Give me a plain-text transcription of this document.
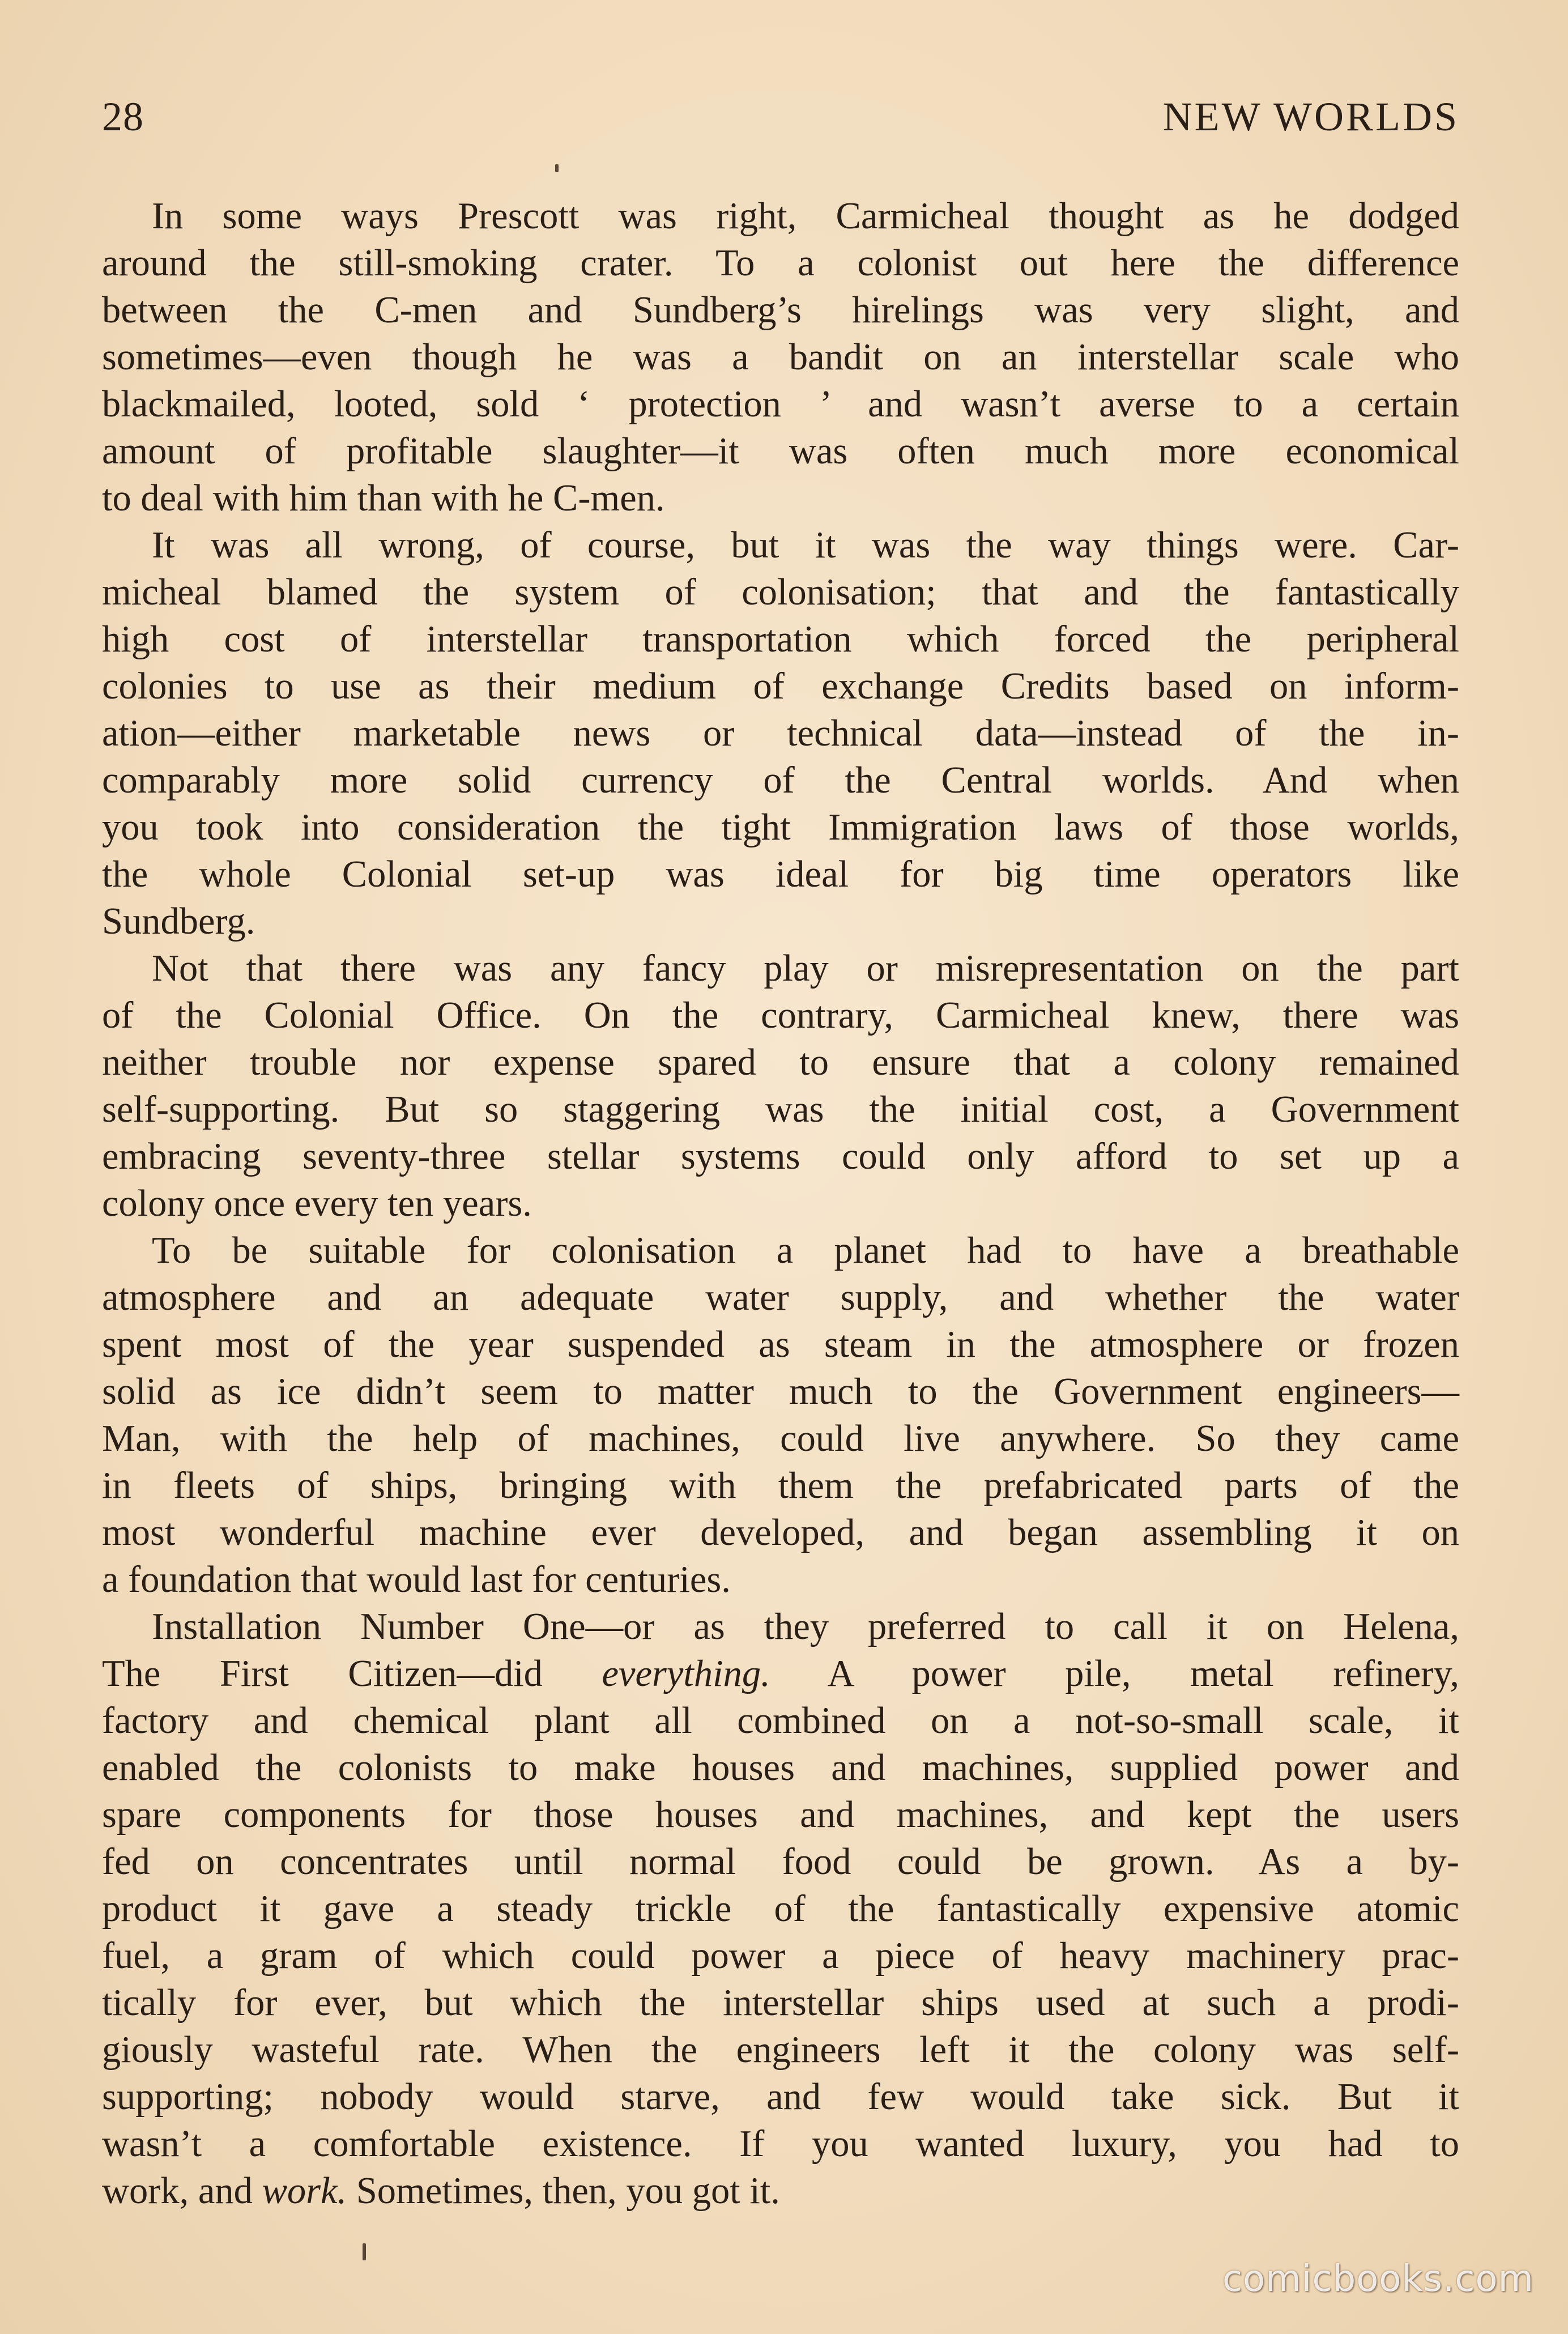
28	NEW WORLDS
In some ways Prescott was right, Carmicheal thought as he dodged
around the still-smoking crater. To a colonist out here the difference
between the C-men and Sundberg’s hirelings was very slight, and
sometimes—even though he was a bandit on an interstellar scale who
blackmailed, looted, sold ‘ protection ’ and wasn’t averse to a certain
amount of profitable slaughter—it was often much more economical
to deal with him than with he C-men.
It was all wrong, of course, but it was the way things were. Car-
micheal blamed the system of colonisation; that and the fantastically
high cost of interstellar transportation which forced the peripheral
colonies to use as their medium of exchange Credits based on inform-
ation—either marketable news or technical data—instead of the in-
comparably more solid currency of the Central worlds. And when
you took into consideration the tight Immigration laws of those worlds,
the whole Colonial set-up was ideal for big time operators like
Sundberg.
Not that there was any fancy play or misrepresentation on the part
of the Colonial Office. On the contrary, Carmicheal knew, there was
neither trouble nor expense spared to ensure that a colony remained
self-supporting. But so staggering was the initial cost, a Government
embracing seventy-three stellar systems could only afford to set up a
colony once every ten years.
To be suitable for colonisation a planet had to have a breathable
atmosphere and an adequate water supply, and whether the water
spent most of the year suspended as steam in the atmosphere or frozen
solid as ice didn’t seem to matter much to the Government engineers—
Man, with the help of machines, could live anywhere. So they came
in fleets of ships, bringing with them the prefabricated parts of the
most wonderful machine ever developed, and began assembling it on
a foundation that would last for centuries.
Installation Number One—or as they preferred to call it on Helena,
The First Citizen—did everything. A power pile, metal refinery,
factory and chemical plant all combined on a not-so-small scale, it
enabled the colonists to make houses and machines, supplied power and
spare components for those houses and machines, and kept the users
fed on concentrates until normal food could be grown. As a by-
product it gave a steady trickle of the fantastically expensive atomic
fuel, a gram of which could power a piece of heavy machinery prac-
tically for ever, but which the interstellar ships used at such a prodi-
giously wasteful rate. When the engineers left it the colony was self-
supporting; nobody would starve, and few would take sick. But it
wasn’t a comfortable existence. If you wanted luxury, you had to
work, and work. Sometimes, then, you got it.
comicbooks.com
